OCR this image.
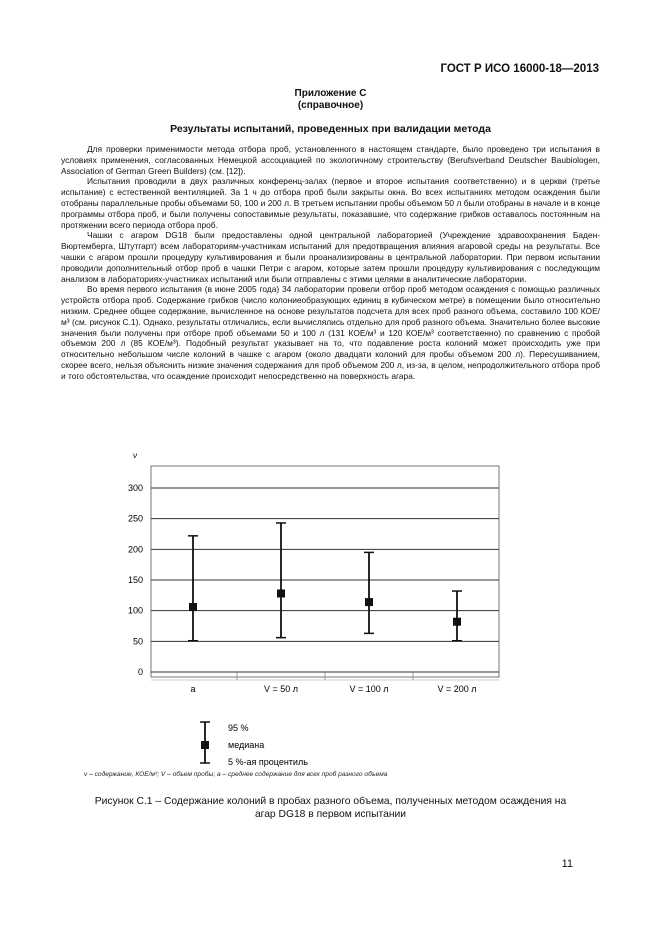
ГОСТ Р ИСО 16000-18—2013
Приложение С
(справочное)
Результаты испытаний, проведенных при валидации метода

Для проверки применимости метода отбора проб, установленного в настоящем стандарте, было проведено три испытания в условиях применения, согласованных Немецкой ассоциацией по экологичному строительству (Berufsverband Deutscher Baubiologen, Association of German Green Builders) (см. [12]).

Испытания проводили в двух различных конференц-залах (первое и второе испытания соответственно) и в церкви (третье испытание) с естественной вентиляцией. За 1 ч до отбора проб были закрыты окна. Во всех испытаниях методом осаждения были отобраны параллельные пробы объемами 50, 100 и 200 л. В третьем испытании пробы объемом 50 л были отобраны в начале и в конце программы отбора проб, и были получены сопоставимые результаты, показавшие, что содержание грибков оставалось постоянным на протяжении всего периода отбора проб.

Чашки с агаром DG18 были предоставлены одной центральной лабораторией (Учреждение здравоохранения Баден-Вюртемберга, Штутгарт) всем лабораториям-участникам испытаний для предотвращения влияния агаровой среды на результаты. Все чашки с агаром прошли процедуру культивирования и были проанализированы в центральной лаборатории. При первом испытании проводили дополнительный отбор проб в чашки Петри с агаром, которые затем прошли процедуру культивирования с последующим анализом в лабораториях-участниках испытаний или были отправлены с этими целями в аналитические лаборатории.

Во время первого испытания (в июне 2005 года) 34 лаборатории провели отбор проб методом осаждения с помощью различных устройств отбора проб. Содержание грибков (число колониеобразующих единиц в кубическом метре) в помещении было относительно низким. Среднее общее содержание, вычисленное на основе результатов подсчета для всех проб разного объема, составило 100 КОЕ/м³ (см. рисунок С.1). Однако, результаты отличались, если вычислялись отдельно для проб разного объема. Значительно более высокие значения были получены при отборе проб объемами 50 и 100 л (131 КОЕ/м³ и 120 КОЕ/м³ соответственно) по сравнению с пробой объемом 200 л (85 КОЕ/м³). Подобный результат указывает на то, что подавление роста колоний может происходить уже при относительно небольшом числе колоний в чашке с агаром (около двадцати колоний для пробы объемом 200 л). Пересушиванием, скорее всего, нельзя объяснить низкие значения содержания для проб объемом 200 л, из-за, в целом, непродолжительного отбора проб и того обстоятельства, что осаждение происходит непосредственно на поверхность агара.

0
50
100
150
200
250
300
a	V = 50 л	V = 100 л	V = 200 л
ν
95 %
медиана
5 %-ая процентиль
ν – содержание, КОЕ/м³; V – объем пробы; a – среднее содержание для всех проб разного объема
Рисунок С.1 – Содержание колоний в пробах разного объема, полученных методом осаждения на
агар DG18 в первом испытании
11
